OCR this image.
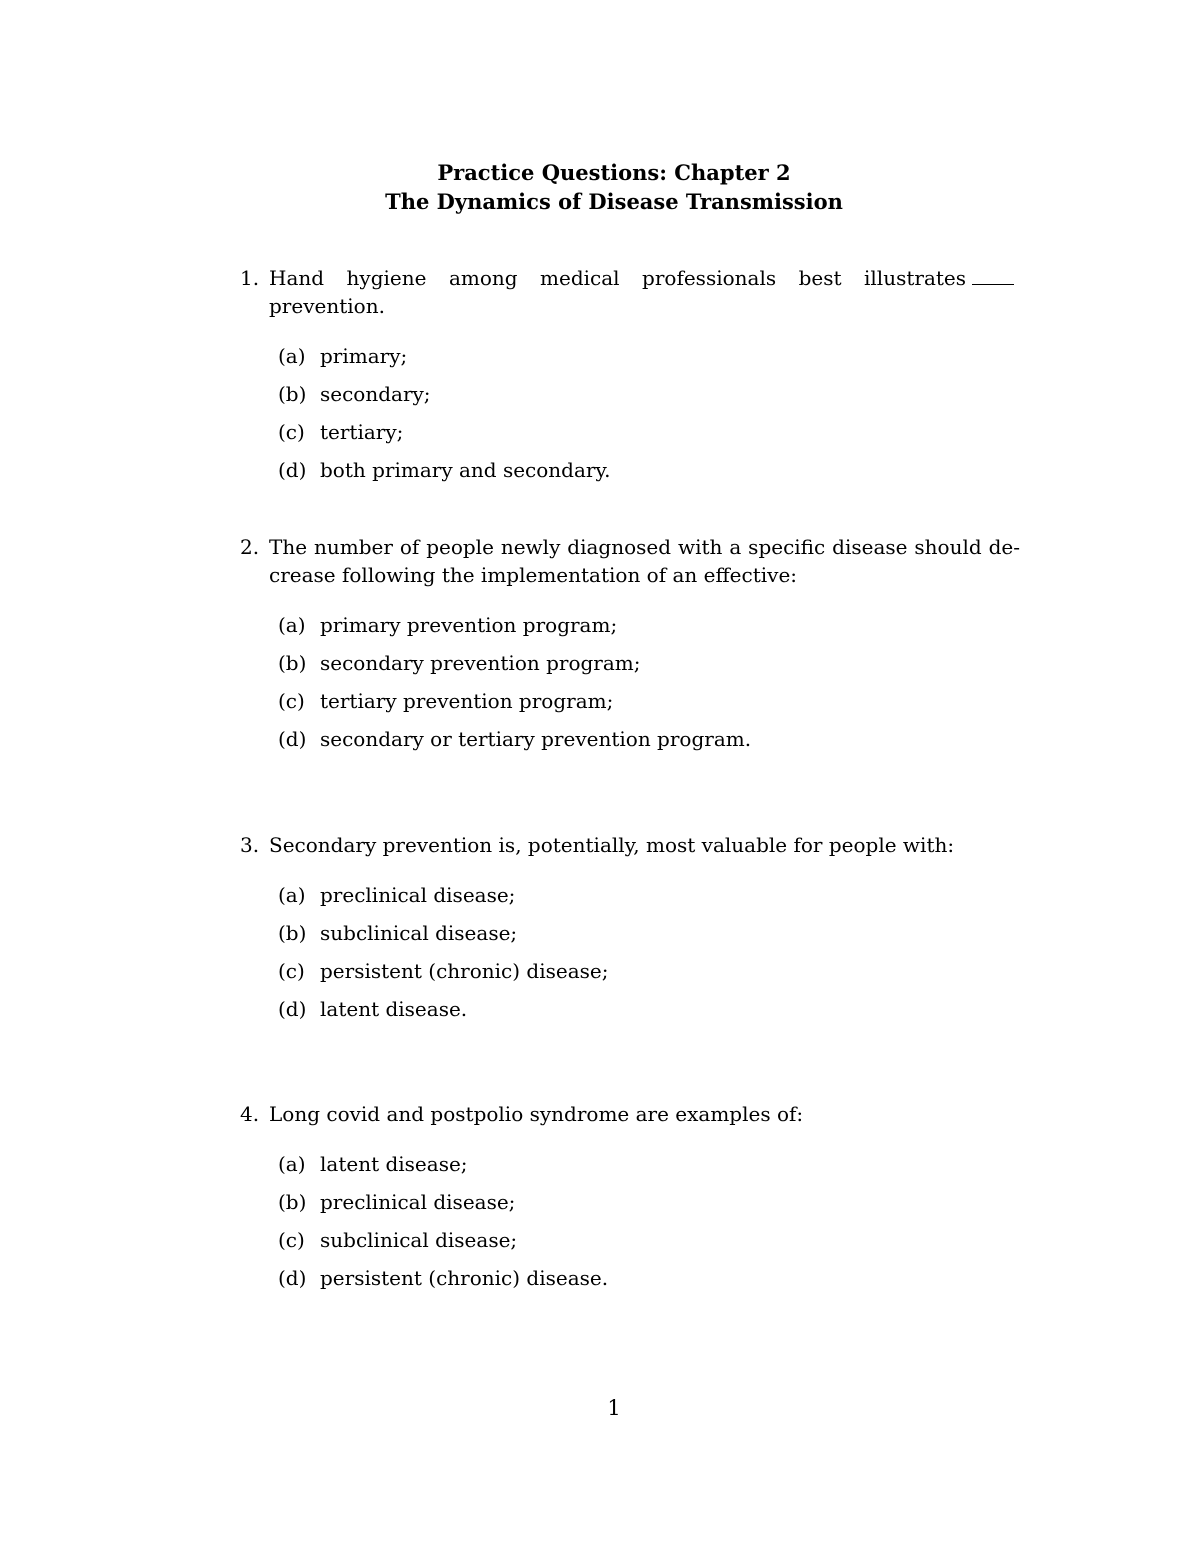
Practice Questions: Chapter 2
The Dynamics of Disease Transmission
1. Hand hygiene among medical professionals best illustratesprevention.
(a) primary;
(b) secondary;
(c) tertiary;
(d) both primary and secondary.
2. The number of people newly diagnosed with a specific disease should de-crease following the implementation of an effective:
(a) primary prevention program;
(b) secondary prevention program;
(c) tertiary prevention program;
(d) secondary or tertiary prevention program.
3. Secondary prevention is, potentially, most valuable for people with:
(a) preclinical disease;
(b) subclinical disease;
(c) persistent (chronic) disease;
(d) latent disease.
4. Long covid and postpolio syndrome are examples of:
(a) latent disease;
(b) preclinical disease;
(c) subclinical disease;
(d) persistent (chronic) disease.
1
